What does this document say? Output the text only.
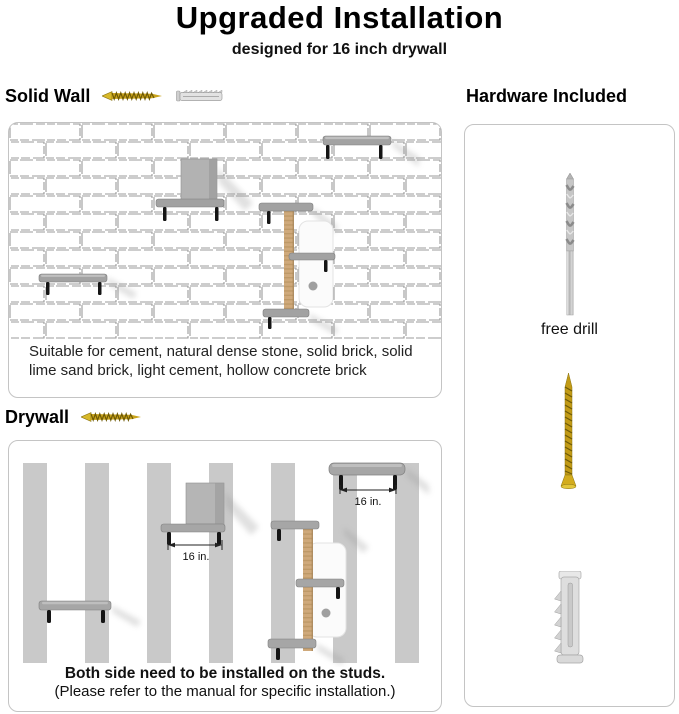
Upgraded Installation
designed for 16 inch drywall
Solid Wall	Hardware Included
Suitable for cement, natural dense stone, solid brick, solid lime sand brick, light cement, hollow concrete brick
Drywall
16 in.
16 in.
Both side need to be installed on the studs.
(Please refer to the manual for specific installation.)
free drill
